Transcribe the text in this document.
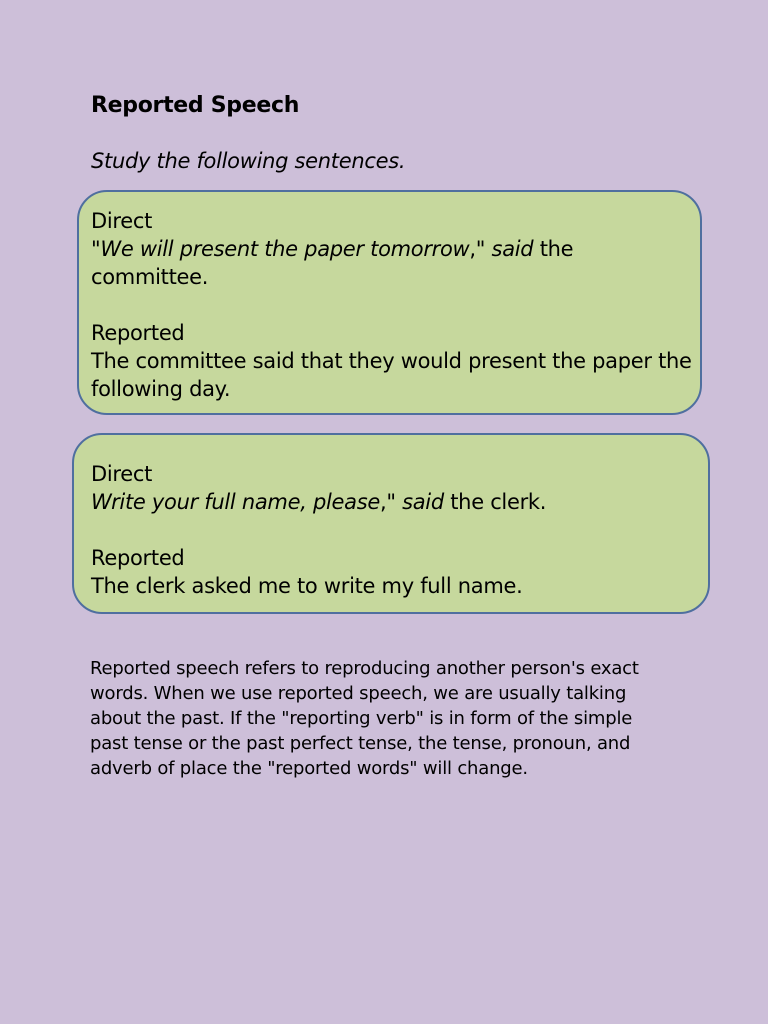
Reported Speech
Study the following sentences.
Direct
"We will present the paper tomorrow," said the
committee.
Reported
The committee said that they would present the paper the
following day.
Direct
Write your full name, please," said the clerk.
Reported
The clerk asked me to write my full name.
Reported speech refers to reproducing another person's exact
words. When we use reported speech, we are usually talking
about the past. If the "reporting verb" is in form of the simple
past tense or the past perfect tense, the tense, pronoun, and
adverb of place the "reported words" will change.
